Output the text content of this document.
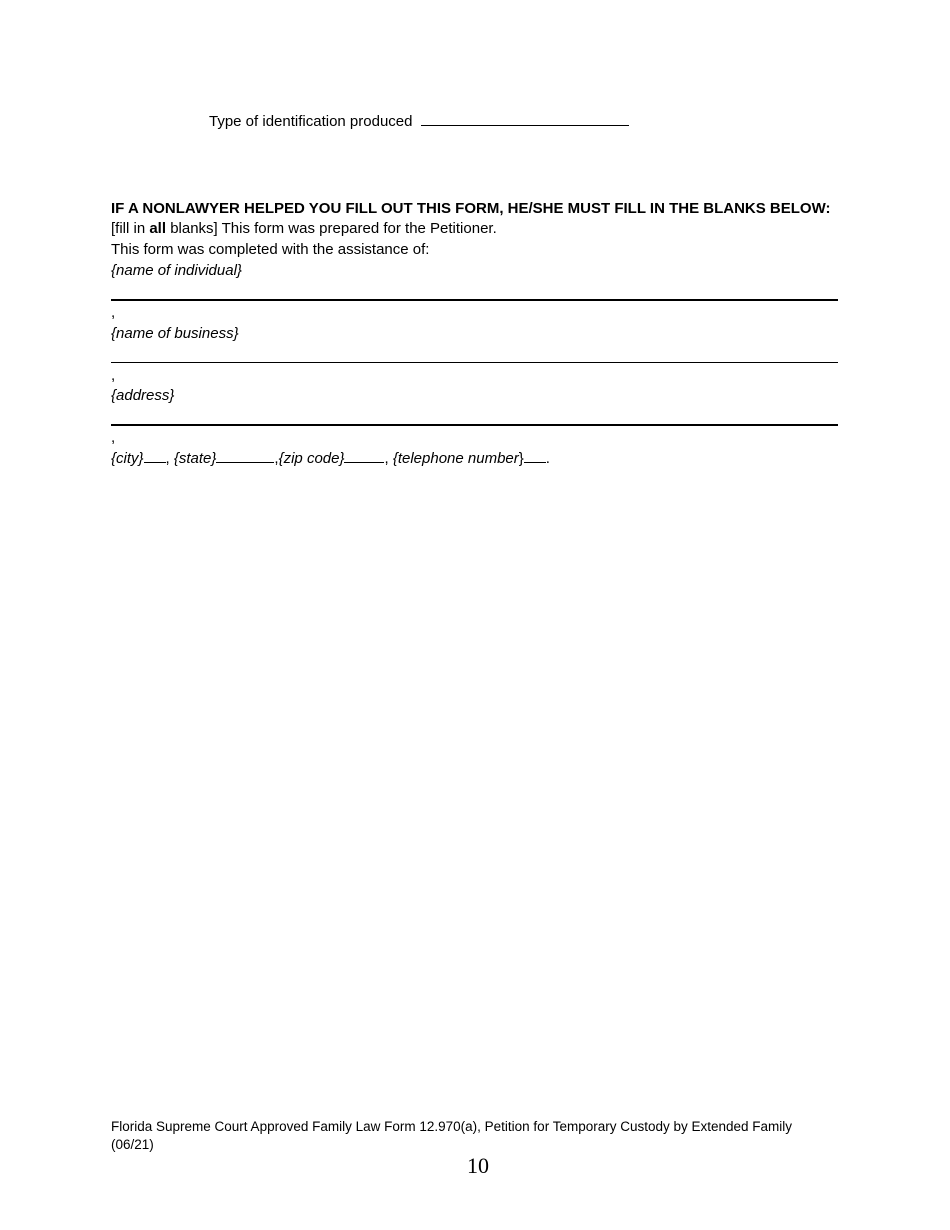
Type of identification produced
IF A NONLAWYER HELPED YOU FILL OUT THIS FORM, HE/SHE MUST FILL IN THE BLANKS BELOW:
[fill in all blanks] This form was prepared for the Petitioner.
This form was completed with the assistance of:
{name of individual}
,
{name of business}
,
{address}
,
{city} , {state}	,{zip code}	, {telephone number} .
Florida Supreme Court Approved Family Law Form 12.970(a), Petition for Temporary Custody by Extended Family
(06/21)
10
